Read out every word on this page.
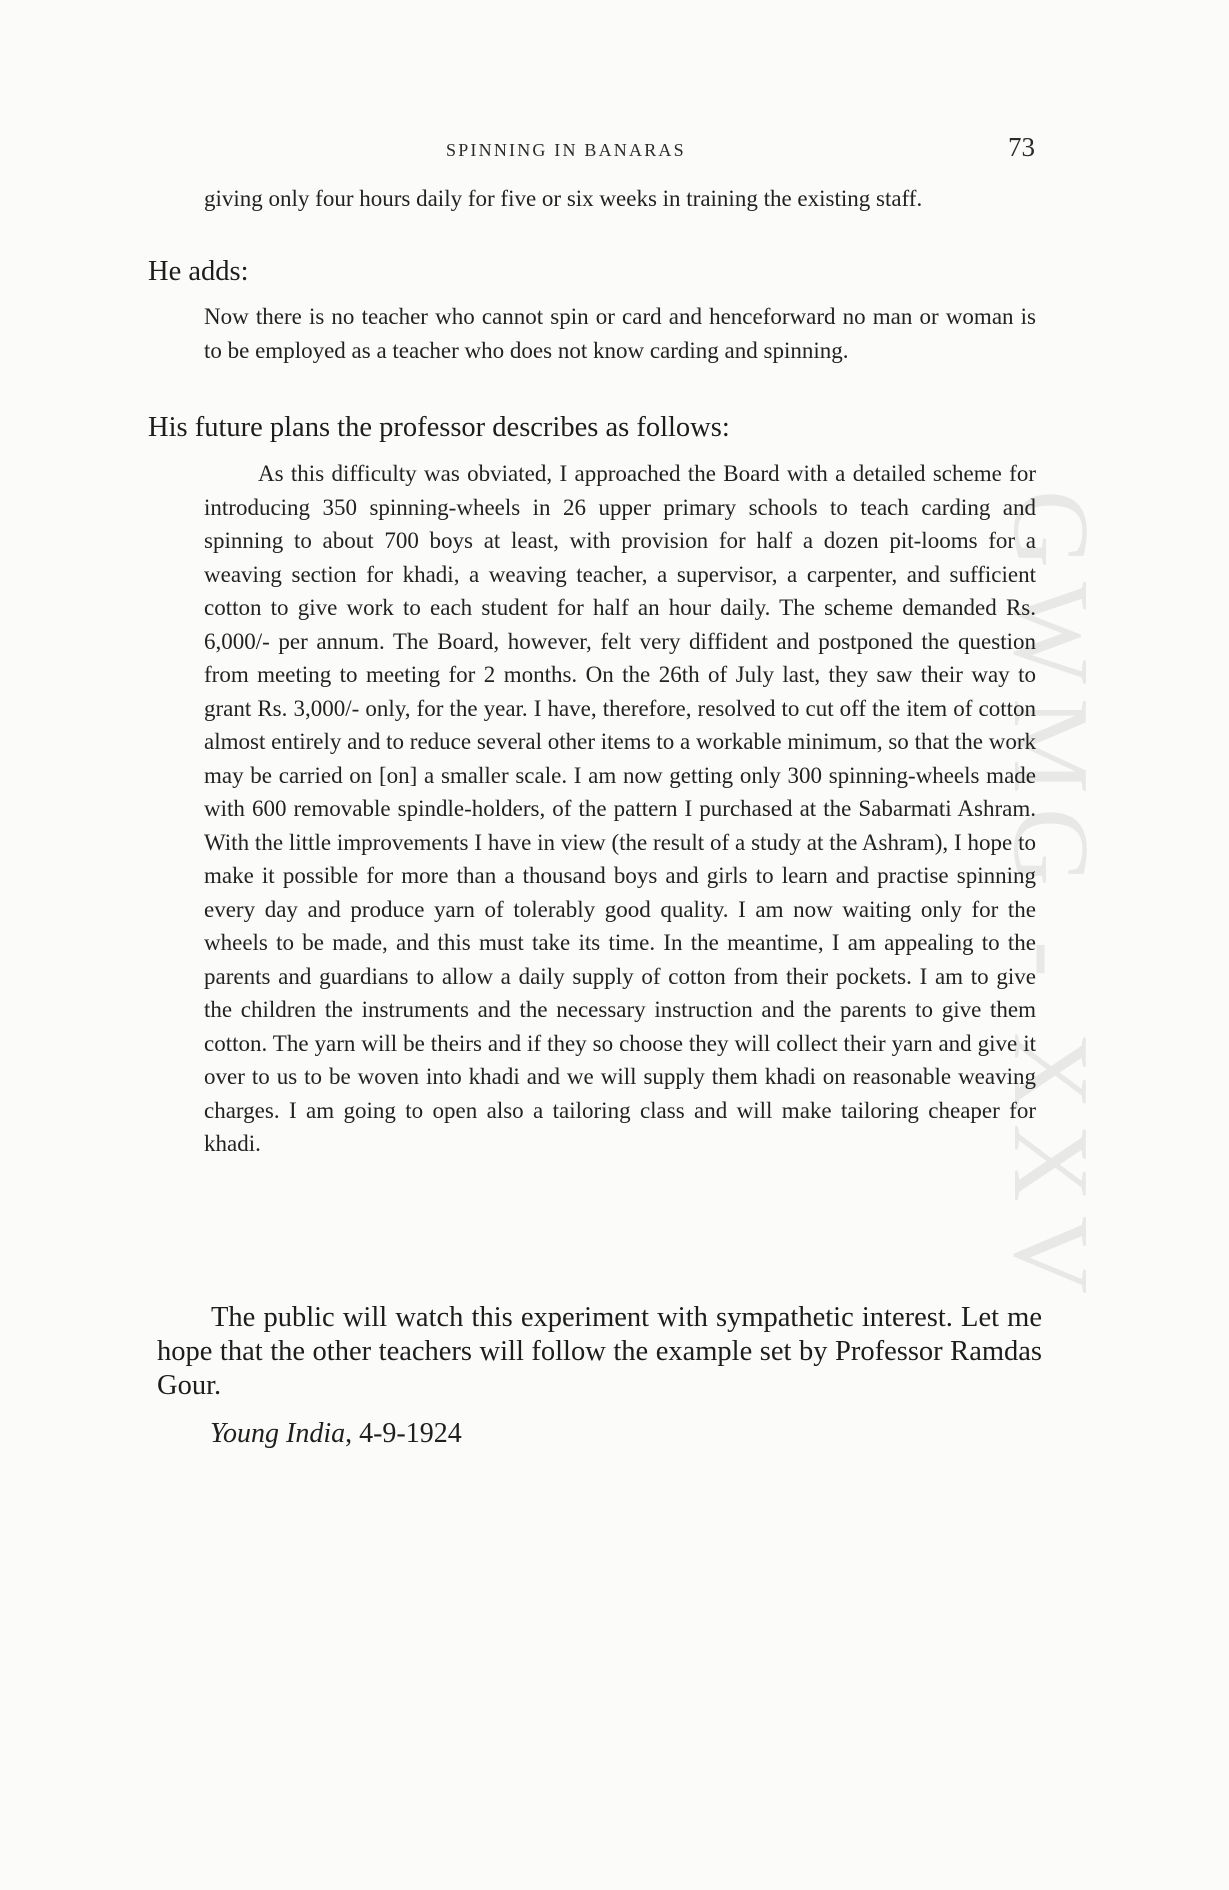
GWMG - XXV
SPINNING IN BANARAS	73

giving only four hours daily for five or six weeks in training the existing staff.

He adds:

Now there is no teacher who cannot spin or card and henceforward no man or woman is to be employed as a teacher who does not know carding and spinning.

His future plans the professor describes as follows:

As this difficulty was obviated, I approached the Board with a detailed scheme for introducing 350 spinning-wheels in 26 upper primary schools to teach carding and spinning to about 700 boys at least, with provision for half a dozen pit-looms for a weaving section for khadi, a weaving teacher, a supervisor, a carpenter, and sufficient cotton to give work to each student for half an hour daily. The scheme demanded Rs. 6,000/- per annum. The Board, however, felt very diffident and postponed the question from meeting to meeting for 2 months. On the 26th of July last, they saw their way to grant Rs. 3,000/- only, for the year. I have, therefore, resolved to cut off the item of cotton almost entirely and to reduce several other items to a workable minimum, so that the work may be carried on [on] a smaller scale. I am now getting only 300 spinning-wheels made with 600 removable spindle-holders, of the pattern I purchased at the Sabarmati Ashram. With the little improvements I have in view (the result of a study at the Ashram), I hope to make it possible for more than a thousand boys and girls to learn and practise spinning every day and produce yarn of tolerably good quality. I am now waiting only for the wheels to be made, and this must take its time. In the meantime, I am appealing to the parents and guardians to allow a daily supply of cotton from their pockets. I am to give the children the instruments and the necessary instruction and the parents to give them cotton. The yarn will be theirs and if they so choose they will collect their yarn and give it over to us to be woven into khadi and we will supply them khadi on reasonable weaving charges. I am going to open also a tailoring class and will make tailoring cheaper for khadi.

The public will watch this experiment with sympathetic interest. Let me hope that the other teachers will follow the example set by Professor Ramdas Gour.

Young India, 4-9-1924
